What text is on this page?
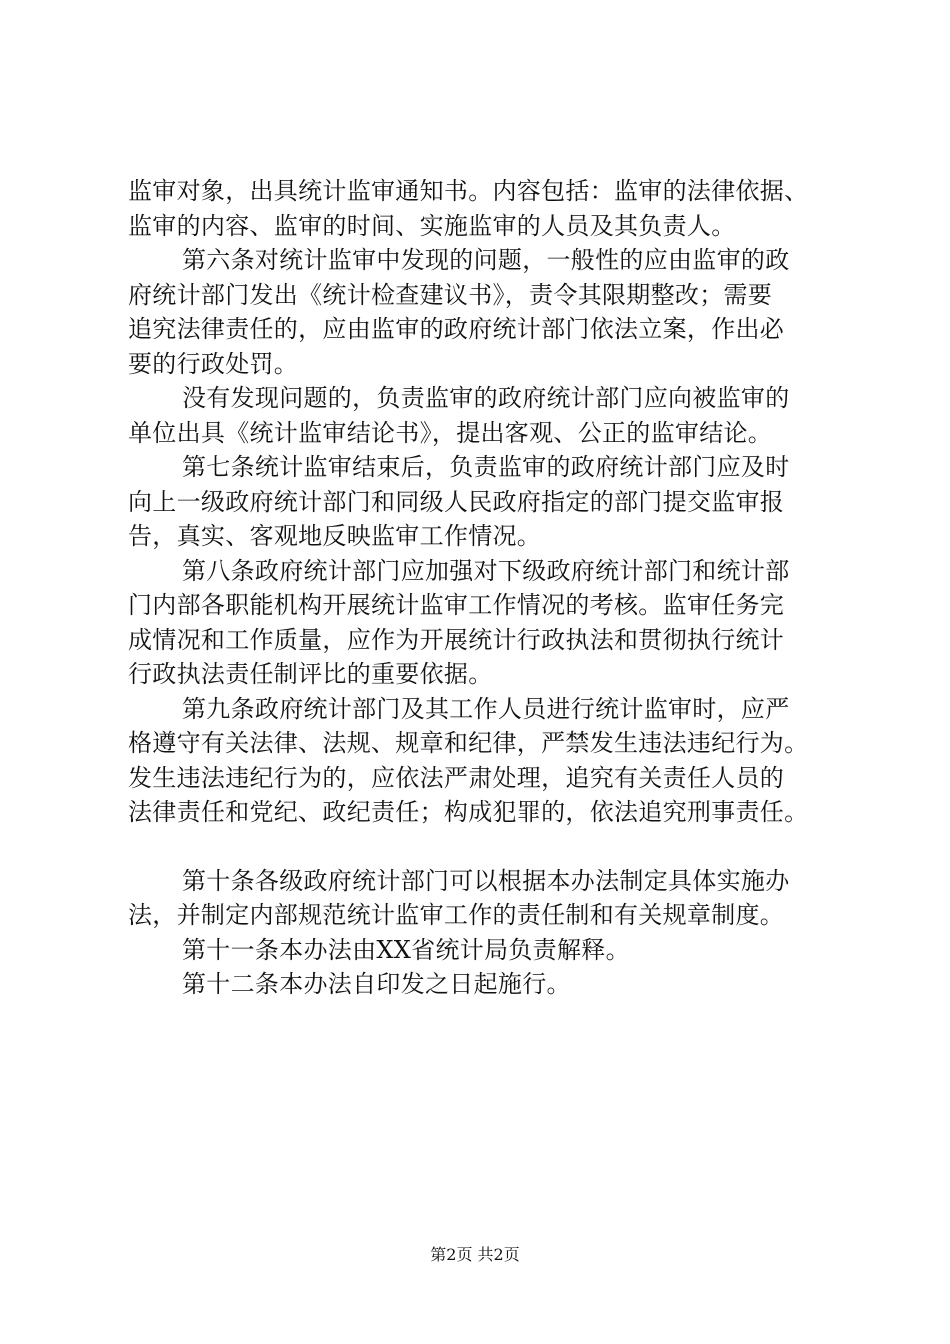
监审对象，出具统计监审通知书。内容包括：监审的法律依据、
监审的内容、监审的时间、实施监审的人员及其负责人。
第六条对统计监审中发现的问题，一般性的应由监审的政
府统计部门发出《统计检查建议书》，责令其限期整改；需要
追究法律责任的，应由监审的政府统计部门依法立案，作出必
要的行政处罚。
没有发现问题的，负责监审的政府统计部门应向被监审的
单位出具《统计监审结论书》，提出客观、公正的监审结论。
第七条统计监审结束后，负责监审的政府统计部门应及时
向上一级政府统计部门和同级人民政府指定的部门提交监审报
告，真实、客观地反映监审工作情况。
第八条政府统计部门应加强对下级政府统计部门和统计部
门内部各职能机构开展统计监审工作情况的考核。监审任务完
成情况和工作质量，应作为开展统计行政执法和贯彻执行统计
行政执法责任制评比的重要依据。
第九条政府统计部门及其工作人员进行统计监审时，应严
格遵守有关法律、法规、规章和纪律，严禁发生违法违纪行为。
发生违法违纪行为的，应依法严肃处理，追究有关责任人员的
法律责任和党纪、政纪责任；构成犯罪的，依法追究刑事责任。
第十条各级政府统计部门可以根据本办法制定具体实施办
法，并制定内部规范统计监审工作的责任制和有关规章制度。
第十一条本办法由XX省统计局负责解释。
第十二条本办法自印发之日起施行。
第2页 共2页
